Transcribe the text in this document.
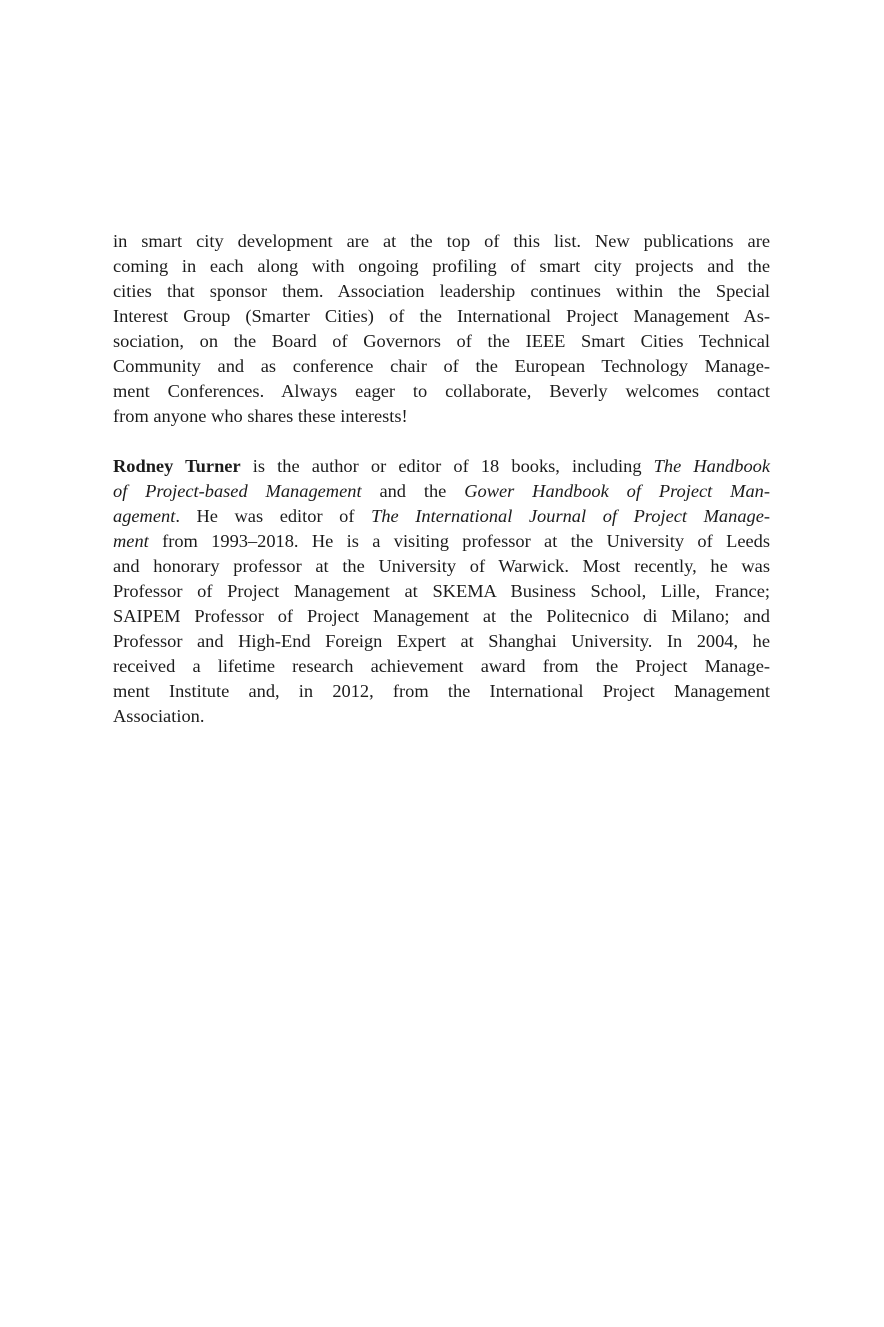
in smart city development are at the top of this list. New publications are
coming in each along with ongoing profiling of smart city projects and the
cities that sponsor them. Association leadership continues within the Special
Interest Group (Smarter Cities) of the International Project Management As-
sociation, on the Board of Governors of the IEEE Smart Cities Technical
Community and as conference chair of the European Technology Manage-
ment Conferences. Always eager to collaborate, Beverly welcomes contact
from anyone who shares these interests!
Rodney Turner is the author or editor of 18 books, including The Handbook
of Project-based Management and the Gower Handbook of Project Man-
agement. He was editor of The International Journal of Project Manage-
ment from 1993–2018. He is a visiting professor at the University of Leeds
and honorary professor at the University of Warwick. Most recently, he was
Professor of Project Management at SKEMA Business School, Lille, France;
SAIPEM Professor of Project Management at the Politecnico di Milano; and
Professor and High-End Foreign Expert at Shanghai University. In 2004, he
received a lifetime research achievement award from the Project Manage-
ment Institute and, in 2012, from the International Project Management
Association.
